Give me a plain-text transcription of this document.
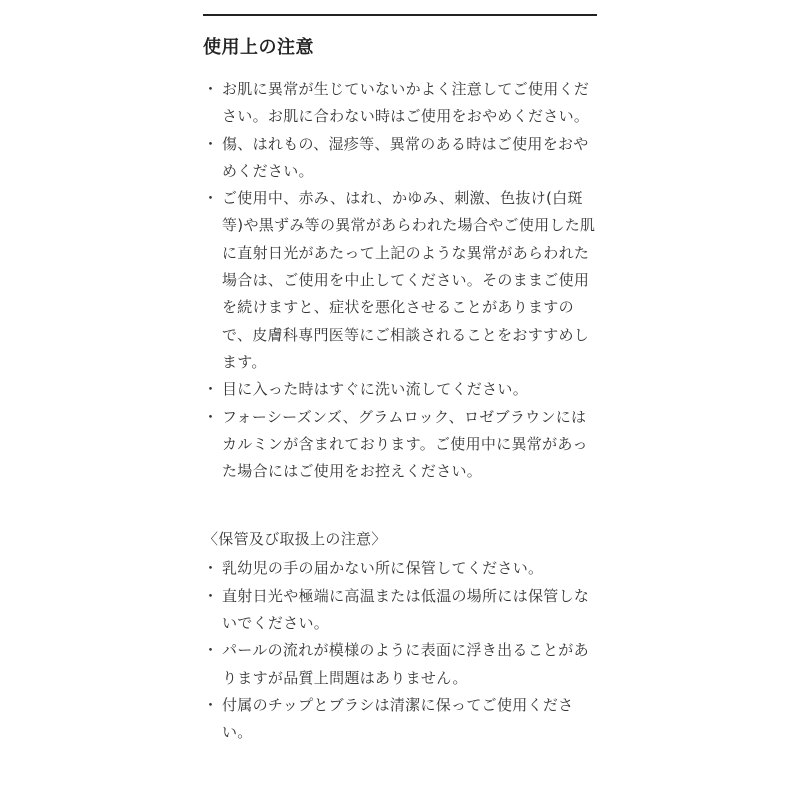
使用上の注意
・ お肌に異常が生じていないかよく注意してご使用くだ
さい。お肌に合わない時はご使用をおやめください。
・ 傷、はれもの、湿疹等、異常のある時はご使用をおや
めください。
・ ご使用中、赤み、はれ、かゆみ、刺激、色抜け(白斑
等)や黒ずみ等の異常があらわれた場合やご使用した肌
に直射日光があたって上記のような異常があらわれた
場合は、ご使用を中止してください。そのままご使用
を続けますと、症状を悪化させることがありますの
で、皮膚科専門医等にご相談されることをおすすめし
ます。
・ 目に入った時はすぐに洗い流してください。
・ フォーシーズンズ、グラムロック、ロゼブラウンには
カルミンが含まれております。ご使用中に異常があっ
た場合にはご使用をお控えください。
〈保管及び取扱上の注意〉
・ 乳幼児の手の届かない所に保管してください。
・ 直射日光や極端に高温または低温の場所には保管しな
いでください。
・ パールの流れが模様のように表面に浮き出ることがあ
りますが品質上問題はありません。
・ 付属のチップとブラシは清潔に保ってご使用くださ
い。
